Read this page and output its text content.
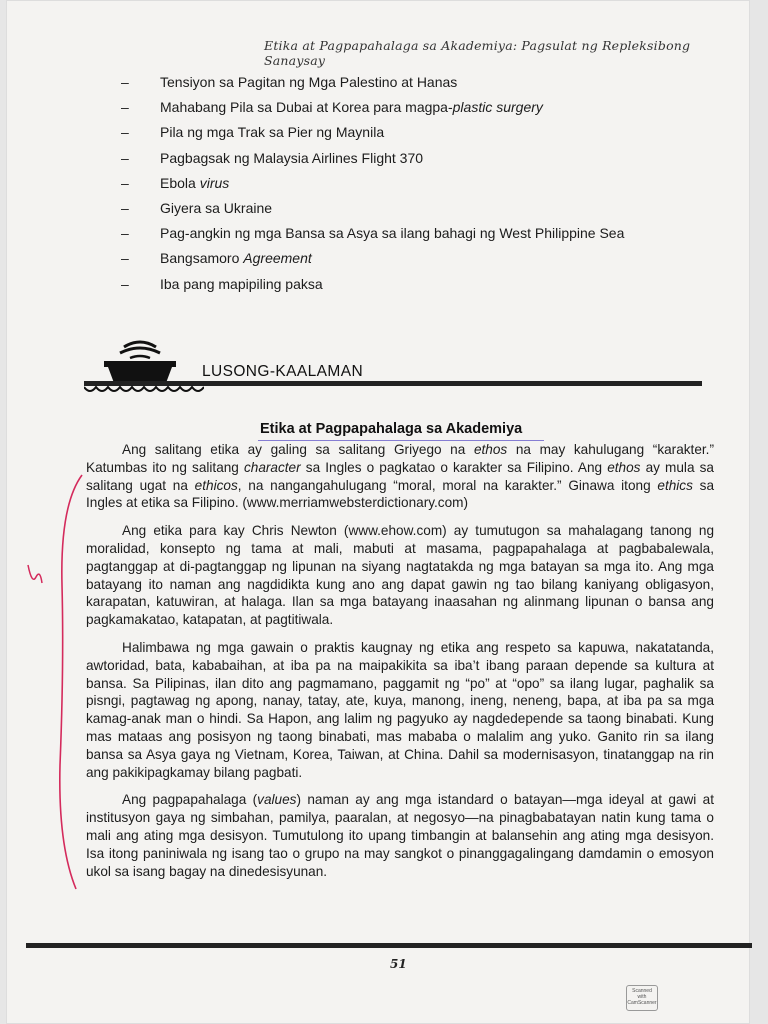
Etika at Pagpapahalaga sa Akademiya: Pagsulat ng Repleksibong Sanaysay
–	Tensiyon sa Pagitan ng Mga Palestino at Hanas
–	Mahabang Pila sa Dubai at Korea para magpa-plastic surgery
–	Pila ng mga Trak sa Pier ng Maynila
–	Pagbagsak ng Malaysia Airlines Flight 370
–	Ebola virus
–	Giyera sa Ukraine
–	Pag-angkin ng mga Bansa sa Asya sa ilang bahagi ng West Philippine Sea
–	Bangsamoro Agreement
–	Iba pang mapipiling paksa
LUSONG-KAALAMAN
Etika at Pagpapahalaga sa Akademiya

Ang salitang etika ay galing sa salitang Griyego na ethos na may kahulugang “karakter.” Katumbas ito ng salitang character sa Ingles o pagkatao o karakter sa Filipino. Ang ethos ay mula sa salitang ugat na ethicos, na nangangahulugang “moral, moral na karakter.” Ginawa itong ethics sa Ingles at etika sa Filipino. (www.merriamwebsterdictionary.com)

Ang etika para kay Chris Newton (www.ehow.com) ay tumutugon sa mahalagang tanong ng moralidad, konsepto ng tama at mali, mabuti at masama, pagpapahalaga at pagbabalewala, pagtanggap at di-pagtanggap ng lipunan na siyang nagtatakda ng mga batayan sa mga ito. Ang mga batayang ito naman ang nagdidikta kung ano ang dapat gawin ng tao bilang kaniyang obligasyon, karapatan, katuwiran, at halaga. Ilan sa mga batayang inaasahan ng alinmang lipunan o bansa ang pagkamakatao, katapatan, at pagtitiwala.

Halimbawa ng mga gawain o praktis kaugnay ng etika ang respeto sa kapuwa, nakatatanda, awtoridad, bata, kababaihan, at iba pa na maipakikita sa iba’t ibang paraan depende sa kultura at bansa. Sa Pilipinas, ilan dito ang pagmamano, paggamit ng “po” at “opo” sa ilang lugar, paghalik sa pisngi, pagtawag ng apong, nanay, tatay, ate, kuya, manong, ineng, neneng, bapa, at iba pa sa mga kamag-anak man o hindi. Sa Hapon, ang lalim ng pagyuko ay nagdedepende sa taong binabati. Kung mas mataas ang posisyon ng taong binabati, mas mababa o malalim ang yuko. Ganito rin sa ilang bansa sa Asya gaya ng Vietnam, Korea, Taiwan, at China. Dahil sa modernisasyon, tinatanggap na rin ang pakikipagkamay bilang pagbati.

Ang pagpapahalaga (values) naman ay ang mga istandard o batayan—mga ideyal at gawi at institusyon gaya ng simbahan, pamilya, paaralan, at negosyo—na pinagbabatayan natin kung tama o mali ang ating mga desisyon. Tumutulong ito upang timbangin at balansehin ang ating mga desisyon. Isa itong paniniwala ng isang tao o grupo na may sangkot o pinanggagalingang damdamin o emosyon ukol sa isang bagay na dinedesisyunan.

51
Scanned with
CamScanner
